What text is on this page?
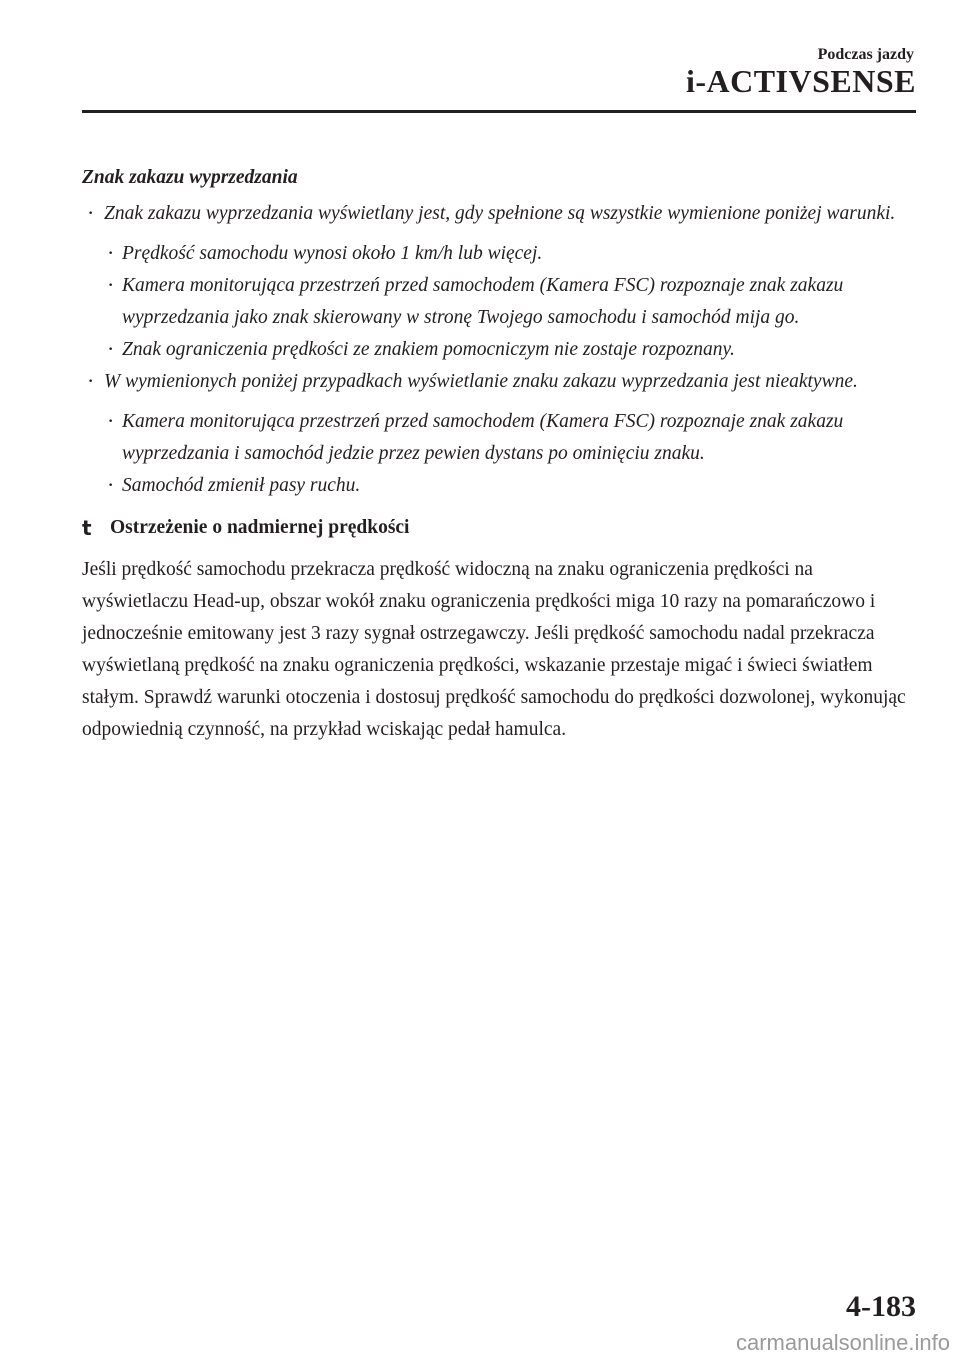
Podczas jazdy
i-ACTIVSENSE
Znak zakazu wyprzedzania
· Znak zakazu wyprzedzania wyświetlany jest, gdy spełnione są wszystkie wymienione poniżej warunki.
· Prędkość samochodu wynosi około 1 km/h lub więcej.
· Kamera monitorująca przestrzeń przed samochodem (Kamera FSC) rozpoznaje znak zakazu wyprzedzania jako znak skierowany w stronę Twojego samochodu i samochód mija go.
· Znak ograniczenia prędkości ze znakiem pomocniczym nie zostaje rozpoznany.
· W wymienionych poniżej przypadkach wyświetlanie znaku zakazu wyprzedzania jest nieaktywne.
· Kamera monitorująca przestrzeń przed samochodem (Kamera FSC) rozpoznaje znak zakazu wyprzedzania i samochód jedzie przez pewien dystans po ominięciu znaku.
· Samochód zmienił pasy ruchu.
t Ostrzeżenie o nadmiernej prędkości
Jeśli prędkość samochodu przekracza prędkość widoczną na znaku ograniczenia prędkości na wyświetlaczu Head-up, obszar wokół znaku ograniczenia prędkości miga 10 razy na pomarańczowo i jednocześnie emitowany jest 3 razy sygnał ostrzegawczy. Jeśli prędkość samochodu nadal przekracza wyświetlaną prędkość na znaku ograniczenia prędkości, wskazanie przestaje migać i świeci światłem stałym. Sprawdź warunki otoczenia i dostosuj prędkość samochodu do prędkości dozwolonej, wykonując odpowiednią czynność, na przykład wciskając pedał hamulca.
4-183
carmanualsonline.info
